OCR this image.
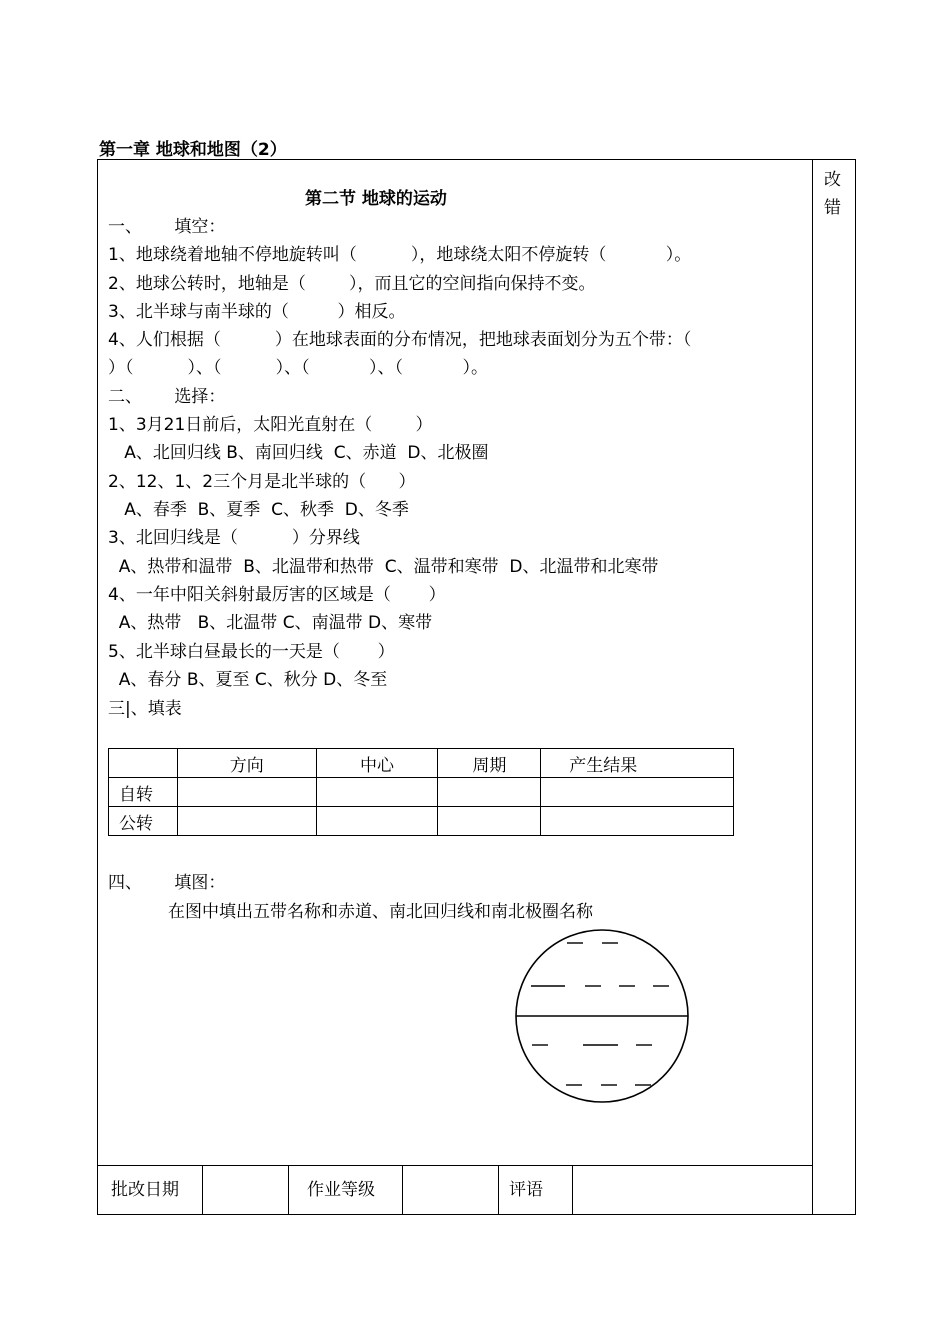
第一章 地球和地图（2）
改
错
第二节 地球的运动
一、      填空：
1、地球绕着地轴不停地旋转叫（          ），地球绕太阳不停旋转（           ）。
2、地球公转时，地轴是（        ），而且它的空间指向保持不变。
3、北半球与南半球的（         ）相反。
4、人们根据（          ）在地球表面的分布情况，把地球表面划分为五个带：（
）（          ）、（          ）、（           ）、（           ）。
二、      选择：
1、3月21日前后，太阳光直射在（        ）
A、北回归线 B、南回归线  C、赤道  D、北极圈
2、12、1、2三个月是北半球的（      ）
A、春季  B、夏季  C、秋季  D、冬季
3、北回归线是（          ）分界线
A、热带和温带  B、北温带和热带  C、温带和寒带  D、北温带和北寒带
4、一年中阳关斜射最厉害的区域是（       ）
A、热带   B、北温带 C、南温带 D、寒带
5、北半球白昼最长的一天是（       ）
A、春分 B、夏至 C、秋分 D、冬至
三|、填表
	方向	中心	周期	产生结果
自转				
公转				
四、      填图：
在图中填出五带名称和赤道、南北回归线和南北极圈名称
批改日期	作业等级	评语
